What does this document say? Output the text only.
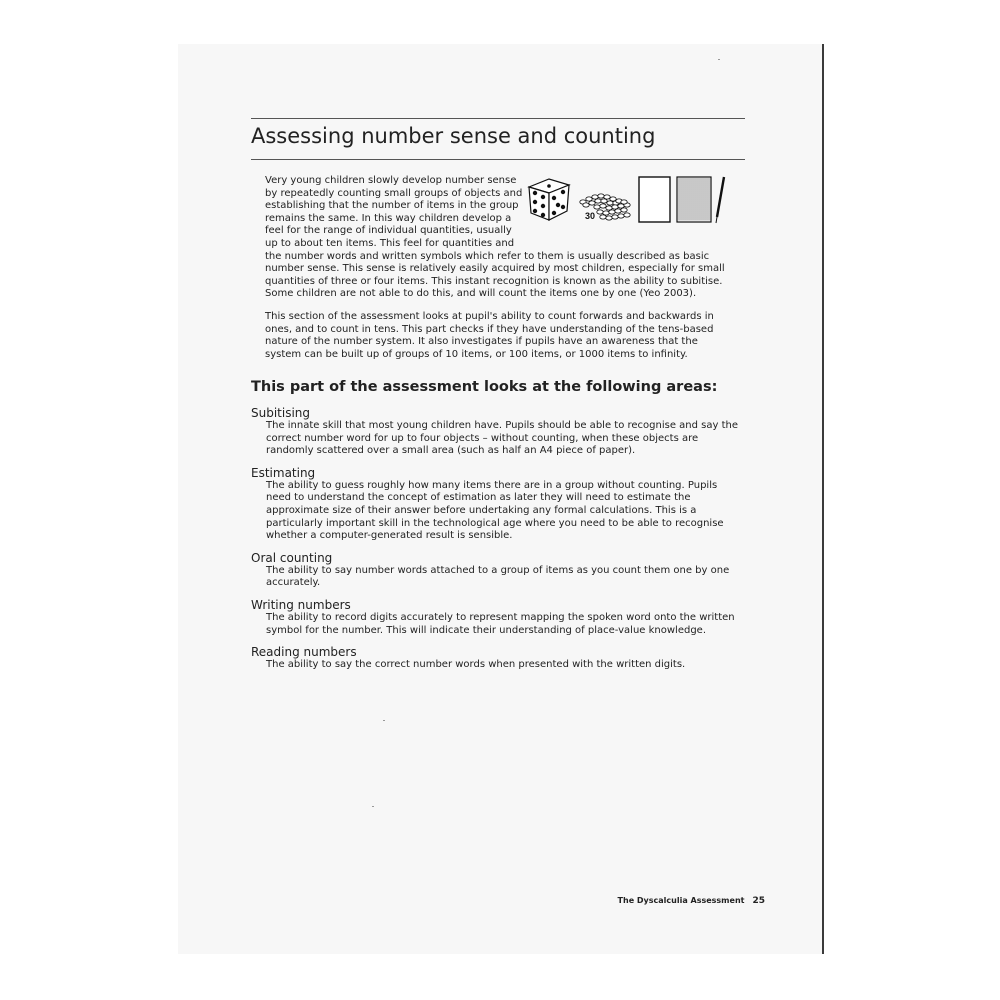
Assessing number sense and counting
30

Very young children slowly develop number sense by repeatedly counting small groups of objects and establishing that the number of items in the group remains the same. In this way children develop a feel for the range of individual quantities, usually up to about ten items. This feel for quantities and the number words and written symbols which refer to them is usually described as basic number sense. This sense is relatively easily acquired by most children, especially for small quantities of three or four items. This instant recognition is known as the ability to subitise. Some children are not able to do this, and will count the items one by one (Yeo 2003).

This section of the assessment looks at pupil's ability to count forwards and backwards in ones, and to count in tens. This part checks if they have understanding of the tens-based nature of the number system. It also investigates if pupils have an awareness that the system can be built up of groups of 10 items, or 100 items, or 1000 items to infinity.

This part of the assessment looks at the following areas:
Subitising

The innate skill that most young children have. Pupils should be able to recognise and say the correct number word for up to four objects – without counting, when these objects are randomly scattered over a small area (such as half an A4 piece of paper).

Estimating

The ability to guess roughly how many items there are in a group without counting. Pupils need to understand the concept of estimation as later they will need to estimate the approximate size of their answer before undertaking any formal calculations. This is a particularly important skill in the technological age where you need to be able to recognise whether a computer-generated result is sensible.

Oral counting

The ability to say number words attached to a group of items as you count them one by one accurately.

Writing numbers

The ability to record digits accurately to represent mapping the spoken word onto the written symbol for the number. This will indicate their understanding of place-value knowledge.

Reading numbers

The ability to say the correct number words when presented with the written digits.

The Dyscalculia Assessment 25
